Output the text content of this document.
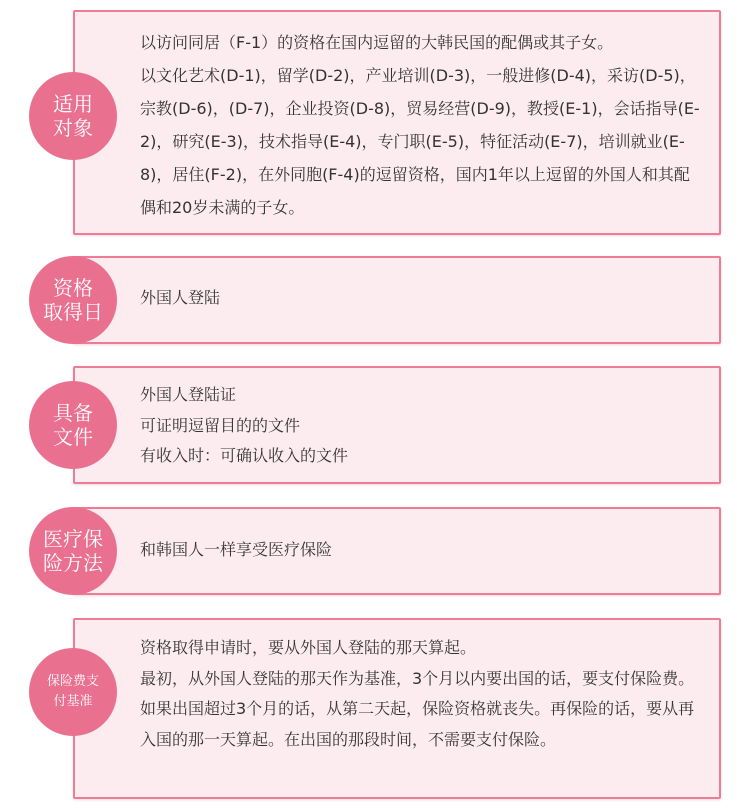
适用
对象

以访问同居（F-1）的资格在国内逗留的大韩民国的配偶或其子女。

以文化艺术(D-1)，留学(D-2)，产业培训(D-3)，一般进修(D-4)，采访(D-5)，宗教(D-6)，(D-7)，企业投资(D-8)，贸易经营(D-9)，教授(E-1)，会话指导(E-2)，研究(E-3)，技术指导(E-4)，专门职(E-5)，特征活动(E-7)，培训就业(E-8)，居住(F-2)，在外同胞(F-4)的逗留资格，国内1年以上逗留的外国人和其配偶和20岁未满的子女。

资格
取得日

外国人登陆

具备
文件

外国人登陆证

可证明逗留目的的文件

有收入时：可确认收入的文件

医疗保
险方法

和韩国人一样享受医疗保险

保险费支
付基准

资格取得申请时，要从外国人登陆的那天算起。

最初，从外国人登陆的那天作为基准，3个月以内要出国的话，要支付保险费。如果出国超过3个月的话，从第二天起，保险资格就丧失。再保险的话，要从再入国的那一天算起。在出国的那段时间，不需要支付保险。
